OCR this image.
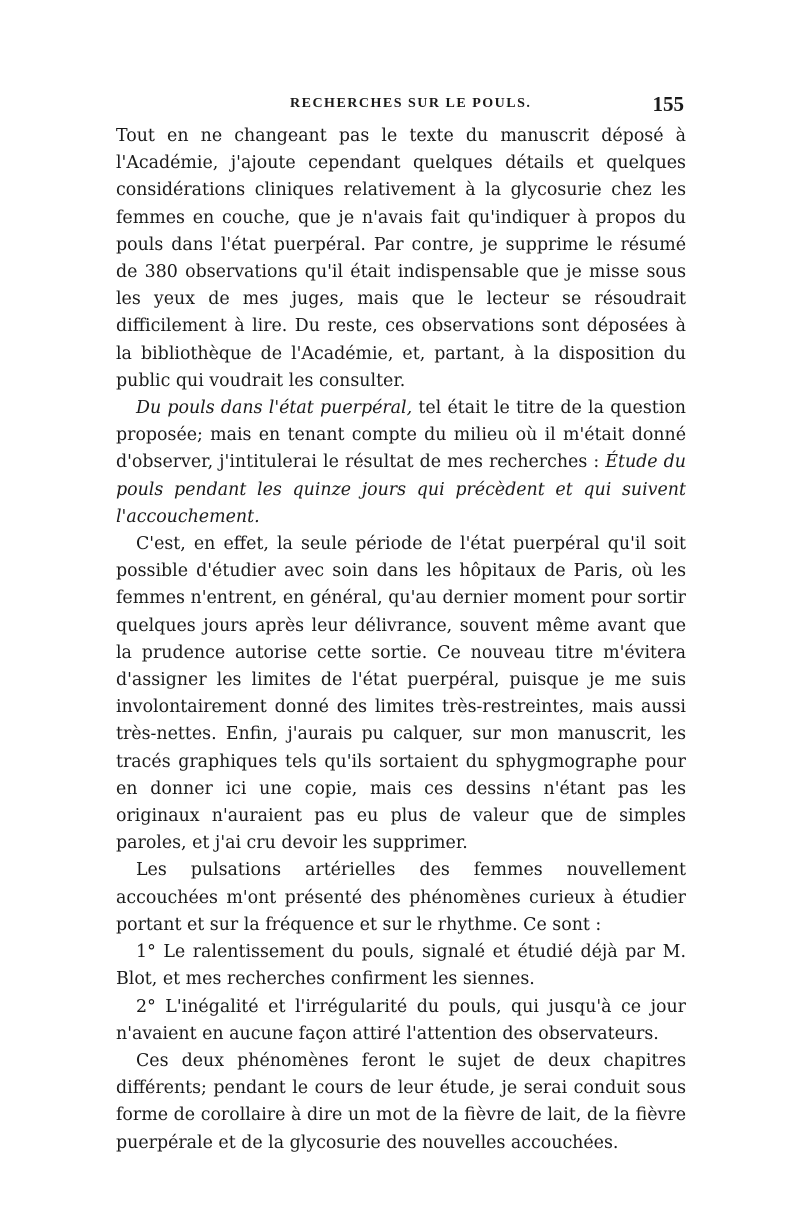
RECHERCHES SUR LE POULS.	155

Tout en ne changeant pas le texte du manuscrit déposé à l'Académie, j'ajoute cependant quelques détails et quelques considérations cliniques relativement à la glycosurie chez les femmes en couche, que je n'avais fait qu'indiquer à propos du pouls dans l'état puerpéral. Par contre, je supprime le résumé de 380 observations qu'il était indispensable que je misse sous les yeux de mes juges, mais que le lecteur se résoudrait difficilement à lire. Du reste, ces observations sont déposées à la bibliothèque de l'Académie, et, partant, à la disposition du public qui voudrait les consulter.

Du pouls dans l'état puerpéral, tel était le titre de la question proposée; mais en tenant compte du milieu où il m'était donné d'observer, j'intitulerai le résultat de mes recherches : Étude du pouls pendant les quinze jours qui précèdent et qui suivent l'accouchement.

C'est, en effet, la seule période de l'état puerpéral qu'il soit possible d'étudier avec soin dans les hôpitaux de Paris, où les femmes n'entrent, en général, qu'au dernier moment pour sortir quelques jours après leur délivrance, souvent même avant que la prudence autorise cette sortie. Ce nouveau titre m'évitera d'assigner les limites de l'état puerpéral, puisque je me suis involontairement donné des limites très-restreintes, mais aussi très-nettes. Enfin, j'aurais pu calquer, sur mon manuscrit, les tracés graphiques tels qu'ils sortaient du sphygmographe pour en donner ici une copie, mais ces dessins n'étant pas les originaux n'auraient pas eu plus de valeur que de simples paroles, et j'ai cru devoir les supprimer.

Les pulsations artérielles des femmes nouvellement accouchées m'ont présenté des phénomènes curieux à étudier portant et sur la fréquence et sur le rhythme. Ce sont :

1° Le ralentissement du pouls, signalé et étudié déjà par M. Blot, et mes recherches confirment les siennes.

2° L'inégalité et l'irrégularité du pouls, qui jusqu'à ce jour n'avaient en aucune façon attiré l'attention des observateurs.

Ces deux phénomènes feront le sujet de deux chapitres différents; pendant le cours de leur étude, je serai conduit sous forme de corollaire à dire un mot de la fièvre de lait, de la fièvre puerpérale et de la glycosurie des nouvelles accouchées.
